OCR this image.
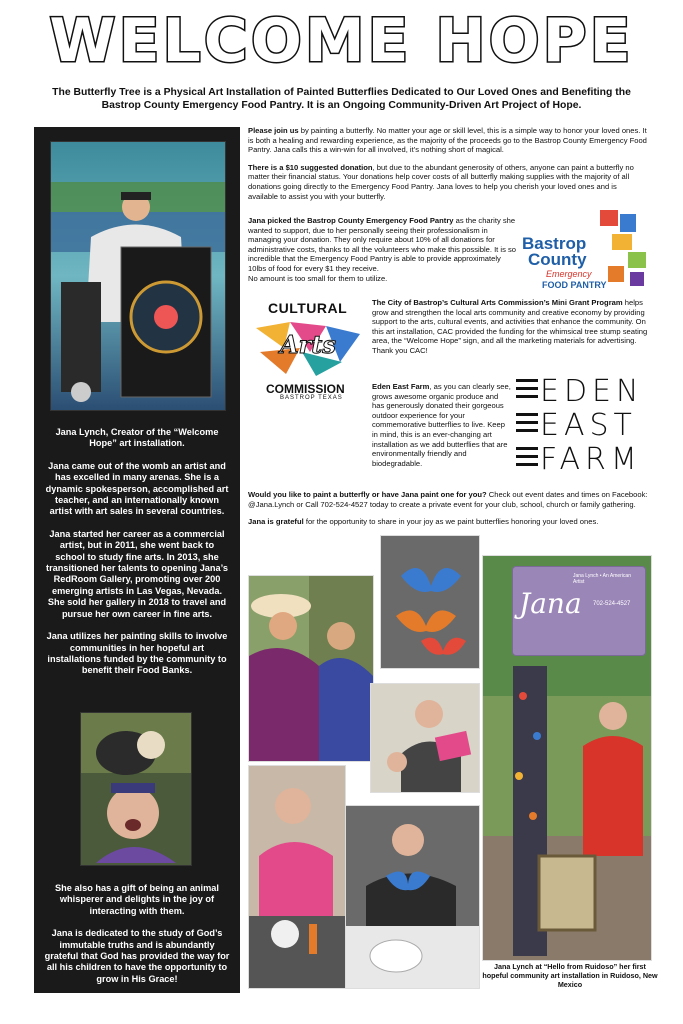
WELCOME HOPE
The Butterfly Tree is a Physical Art Installation of Painted Butterflies Dedicated to Our Loved Ones and Benefiting the Bastrop County Emergency Food Pantry. It is an Ongoing Community-Driven Art Project of Hope.

Jana Lynch, Creator of the “Welcome Hope” art installation.

Jana came out of the womb an artist and has excelled in many arenas. She is a dynamic spokesperson, accomplished art teacher, and an internationally known artist with art sales in several countries.

Jana started her career as a commercial artist, but in 2011, she went back to school to study fine arts. In 2013, she transitioned her talents to opening Jana’s RedRoom Gallery, promoting over 200 emerging artists in Las Vegas, Nevada. She sold her gallery in 2018 to travel and pursue her own career in fine arts.

Jana utilizes her painting skills to involve communities in her hopeful art installations funded by the community to benefit their Food Banks.

She also has a gift of being an animal whisperer and delights in the joy of interacting with them.

Jana is dedicated to the study of God’s immutable truths and is abundantly grateful that God has provided the way for all his children to have the opportunity to grow in His Grace!

Please join us by painting a butterfly. No matter your age or skill level, this is a simple way to honor your loved ones. It is both a healing and rewarding experience, as the majority of the proceeds go to the Bastrop County Emergency Food Pantry. Jana calls this a win-win for all involved, it’s nothing short of magical.

There is a $10 suggested donation, but due to the abundant generosity of others, anyone can paint a butterfly no matter their financial status. Your donations help cover costs of all butterfly making supplies with the majority of all donations going directly to the Emergency Food Pantry. Jana loves to help you cherish your loved ones and is available to assist you with your butterfly.

Jana picked the Bastrop County Emergency Food Pantry as the charity she wanted to support, due to her personally seeing their professionalism in managing your donation. They only require about 10% of all donations for administrative costs, thanks to all the volunteers who make this possible. It is so incredible that the Emergency Food Pantry is able to provide approximately 10lbs of food for every $1 they receive.
No amount is too small for them to utilize.

Bastrop
County
Emergency
FOOD PANTRY
CULTURAL
Arts
COMMISSION
BASTROP TEXAS

The City of Bastrop’s Cultural Arts Commission’s Mini Grant Program helps grow and strengthen the local arts community and creative economy by providing support to the arts, cultural events, and activities that enhance the community. On this art installation, CAC provided the funding for the whimsical tree stump seating area, the “Welcome Hope” sign, and all the marketing materials for advertising. Thank you CAC!

Eden East Farm, as you can clearly see, grows awesome organic produce and has generously donated their gorgeous outdoor experience for your commemorative butterflies to live. Keep in mind, this is an ever-changing art installation as we add butterflies that are environmentally friendly and biodegradable.

EDEN
EAST
FARM

Would you like to paint a butterfly or have Jana paint one for you? Check out event dates and times on Facebook: @Jana.Lynch or Call 702-524-4527 today to create a private event for your club, school, church or family gathering.

Jana is grateful for the opportunity to share in your joy as we paint butterflies honoring your loved ones.

Jana
Jana Lynch • An American Artist
702-524-4527
Jana Lynch at “Hello from Ruidoso” her first hopeful community art installation in Ruidoso, New Mexico
